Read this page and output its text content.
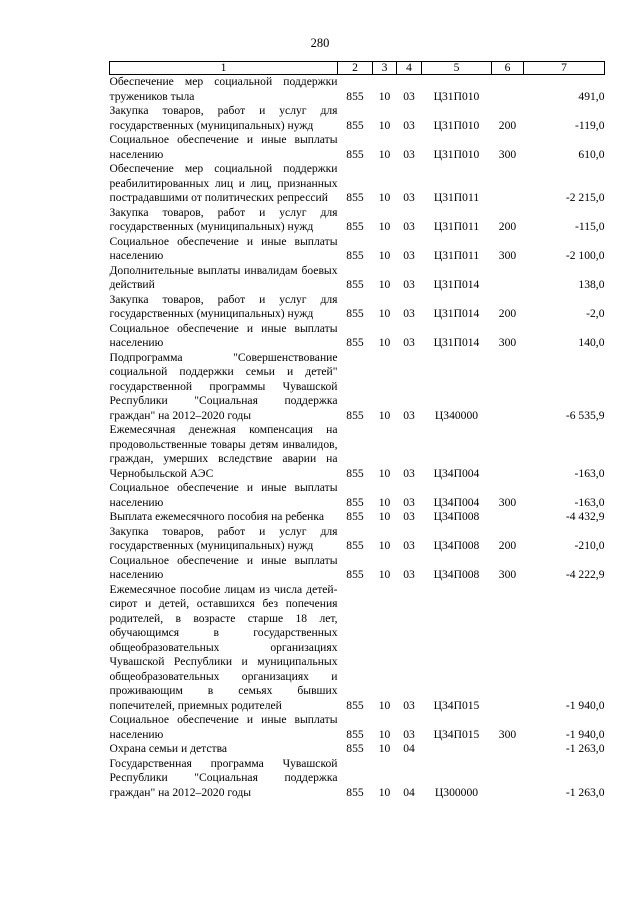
280
1	2	3	4	5	6	7
Обеспечение мер социальной поддержки тружеников тыла	855	10	03	Ц31П010		491,0
Закупка товаров, работ и услуг для государственных (муниципальных) нужд	855	10	03	Ц31П010	200	-119,0
Социальное обеспечение и иные выплаты населению	855	10	03	Ц31П010	300	610,0
Обеспечение мер социальной поддержки реабилитированных лиц и лиц, признанных пострадавшими от политических репрессий	855	10	03	Ц31П011		-2 215,0
Закупка товаров, работ и услуг для государственных (муниципальных) нужд	855	10	03	Ц31П011	200	-115,0
Социальное обеспечение и иные выплаты населению	855	10	03	Ц31П011	300	-2 100,0
Дополнительные выплаты инвалидам боевых действий	855	10	03	Ц31П014		138,0
Закупка товаров, работ и услуг для государственных (муниципальных) нужд	855	10	03	Ц31П014	200	-2,0
Социальное обеспечение и иные выплаты населению	855	10	03	Ц31П014	300	140,0
Подпрограмма "Совершенствование социальной поддержки семьи и детей" государственной программы Чувашской Республики "Социальная поддержка граждан" на 2012–2020 годы	855	10	03	Ц340000		-6 535,9
Ежемесячная денежная компенсация на продовольственные товары детям инвалидов, граждан, умерших вследствие аварии на Чернобыльской АЭС	855	10	03	Ц34П004		-163,0
Социальное обеспечение и иные выплаты населению	855	10	03	Ц34П004	300	-163,0
Выплата ежемесячного пособия на ребенка	855	10	03	Ц34П008		-4 432,9
Закупка товаров, работ и услуг для государственных (муниципальных) нужд	855	10	03	Ц34П008	200	-210,0
Социальное обеспечение и иные выплаты населению	855	10	03	Ц34П008	300	-4 222,9
Ежемесячное пособие лицам из числа детей-сирот и детей, оставшихся без попечения родителей, в возрасте старше 18 лет, обучающимся в государственных общеобразовательных организациях Чувашской Республики и муниципальных общеобразовательных организациях и проживающим в семьях бывших попечителей, приемных родителей	855	10	03	Ц34П015		-1 940,0
Социальное обеспечение и иные выплаты населению	855	10	03	Ц34П015	300	-1 940,0
Охрана семьи и детства	855	10	04			-1 263,0
Государственная программа Чувашской Республики "Социальная поддержка граждан" на 2012–2020 годы	855	10	04	Ц300000		-1 263,0
